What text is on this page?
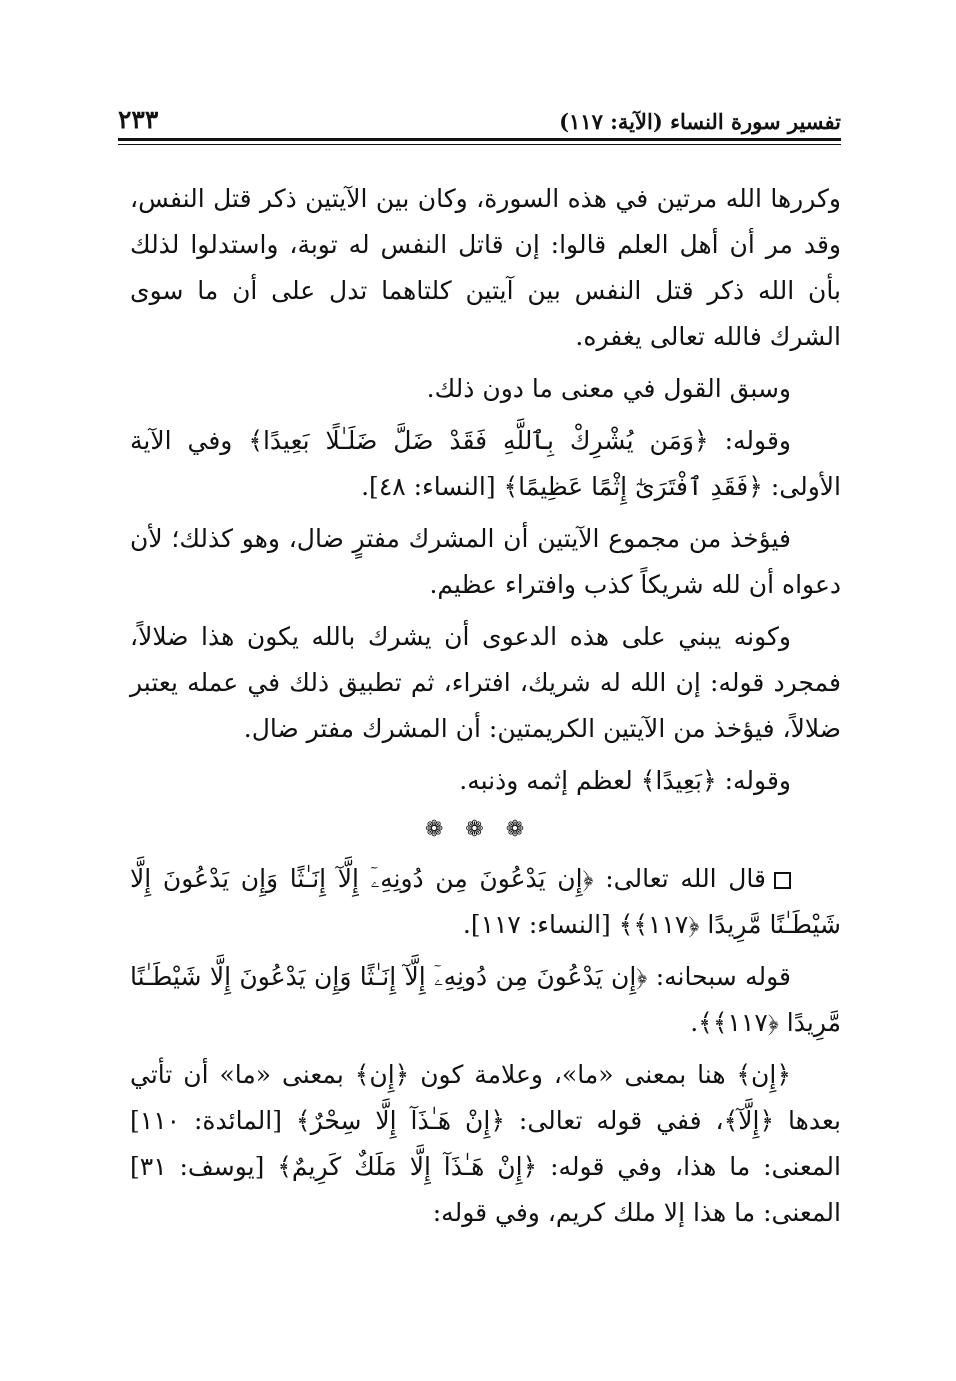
تفسير سورة النساء (الآية: ١١٧)
٢٣٣

وكررها الله مرتين في هذه السورة، وكان بين الآيتين ذكر قتل النفس، وقد مر أن أهل العلم قالوا: إن قاتل النفس له توبة، واستدلوا لذلك بأن الله ذكر قتل النفس بين آيتين كلتاهما تدل على أن ما سوى الشرك فالله تعالى يغفره.

وسبق القول في معنى ما دون ذلك.

وقوله: ﴿وَمَن يُشْرِكْ بِٱللَّهِ فَقَدْ ضَلَّ ضَلَـٰلًا بَعِيدًا﴾ وفي الآية الأولى: ﴿فَقَدِ ٱفْتَرَىٰٓ إِثْمًا عَظِيمًا﴾ [النساء: ٤٨].

فيؤخذ من مجموع الآيتين أن المشرك مفترٍ ضال، وهو كذلك؛ لأن دعواه أن لله شريكاً كذب وافتراء عظيم.

وكونه يبني على هذه الدعوى أن يشرك بالله يكون هذا ضلالاً، فمجرد قوله: إن الله له شريك، افتراء، ثم تطبيق ذلك في عمله يعتبر ضلالاً، فيؤخذ من الآيتين الكريمتين: أن المشرك مفتر ضال.

وقوله: ﴿بَعِيدًا﴾ لعظم إثمه وذنبه.

❁❁❁

قال الله تعالى: ﴿إِن يَدْعُونَ مِن دُونِهِۦٓ إِلَّآ إِنَـٰثًا وَإِن يَدْعُونَ إِلَّا شَيْطَـٰنًا مَّرِيدًا ﴿١١٧﴾﴾ [النساء: ١١٧].

قوله سبحانه: ﴿إِن يَدْعُونَ مِن دُونِهِۦٓ إِلَّآ إِنَـٰثًا وَإِن يَدْعُونَ إِلَّا شَيْطَـٰنًا مَّرِيدًا ﴿١١٧﴾﴾.

﴿إِن﴾ هنا بمعنى «ما»، وعلامة كون ﴿إِن﴾ بمعنى «ما» أن تأتي بعدها ﴿إِلَّآ﴾، ففي قوله تعالى: ﴿إِنْ هَـٰذَآ إِلَّا سِحْرٌ﴾ [المائدة: ١١٠] المعنى: ما هذا، وفي قوله: ﴿إِنْ هَـٰذَآ إِلَّا مَلَكٌ كَرِيمٌ﴾ [يوسف: ٣١] المعنى: ما هذا إلا ملك كريم، وفي قوله:
